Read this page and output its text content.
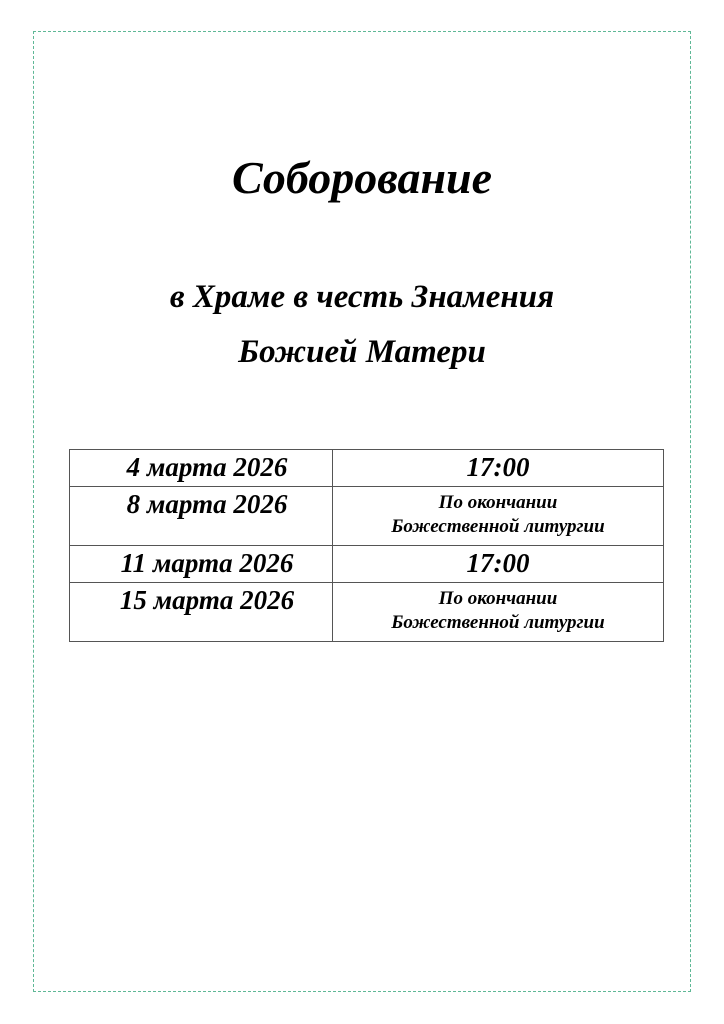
Соборование
в Храме в честь Знамения
Божией Матери
4 марта 2026	17:00
8 марта 2026	По окончании
Божественной литургии

11 марта 2026	17:00
15 марта 2026	По окончании
Божественной литургии
